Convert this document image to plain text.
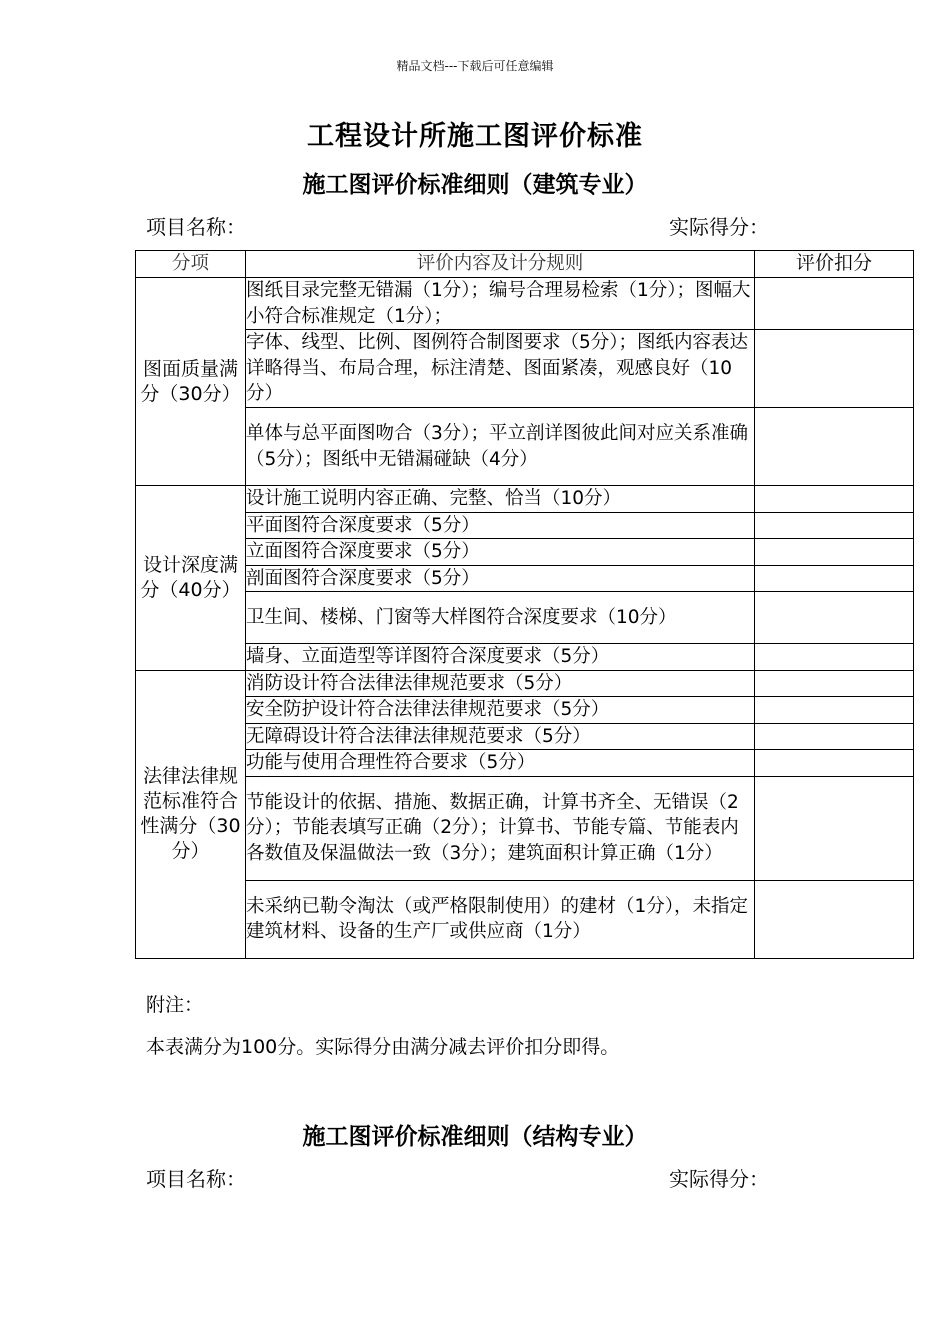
精品文档---下载后可任意编辑
工程设计所施工图评价标准
施工图评价标准细则（建筑专业）
项目名称：	实际得分：
分项	评价内容及计分规则	评价扣分
图面质量满分（30分）	图纸目录完整无错漏（1分）；编号合理易检索（1分）；图幅大小符合标准规定（1分）；	
	字体、线型、比例、图例符合制图要求（5分）；图纸内容表达详略得当、布局合理，标注清楚、图面紧凑，观感良好（10分）	
	单体与总平面图吻合（3分）；平立剖详图彼此间对应关系准确（5分）；图纸中无错漏碰缺（4分）	
设计深度满分（40分）	设计施工说明内容正确、完整、恰当（10分）	
	平面图符合深度要求（5分）	
	立面图符合深度要求（5分）	
	剖面图符合深度要求（5分）	
	卫生间、楼梯、门窗等大样图符合深度要求（10分）	
	墙身、立面造型等详图符合深度要求（5分）	
法律法律规范标准符合性满分（30分）	消防设计符合法律法律规范要求（5分）	
	安全防护设计符合法律法律规范要求（5分）	
	无障碍设计符合法律法律规范要求（5分）	
	功能与使用合理性符合要求（5分）	
	节能设计的依据、措施、数据正确，计算书齐全、无错误（2分）；节能表填写正确（2分）；计算书、节能专篇、节能表内各数值及保温做法一致（3分）；建筑面积计算正确（1分）	
	未采纳已勒令淘汰（或严格限制使用）的建材（1分），未指定建筑材料、设备的生产厂或供应商（1分）	
附注：
本表满分为100分。实际得分由满分减去评价扣分即得。
施工图评价标准细则（结构专业）
项目名称：	实际得分：
